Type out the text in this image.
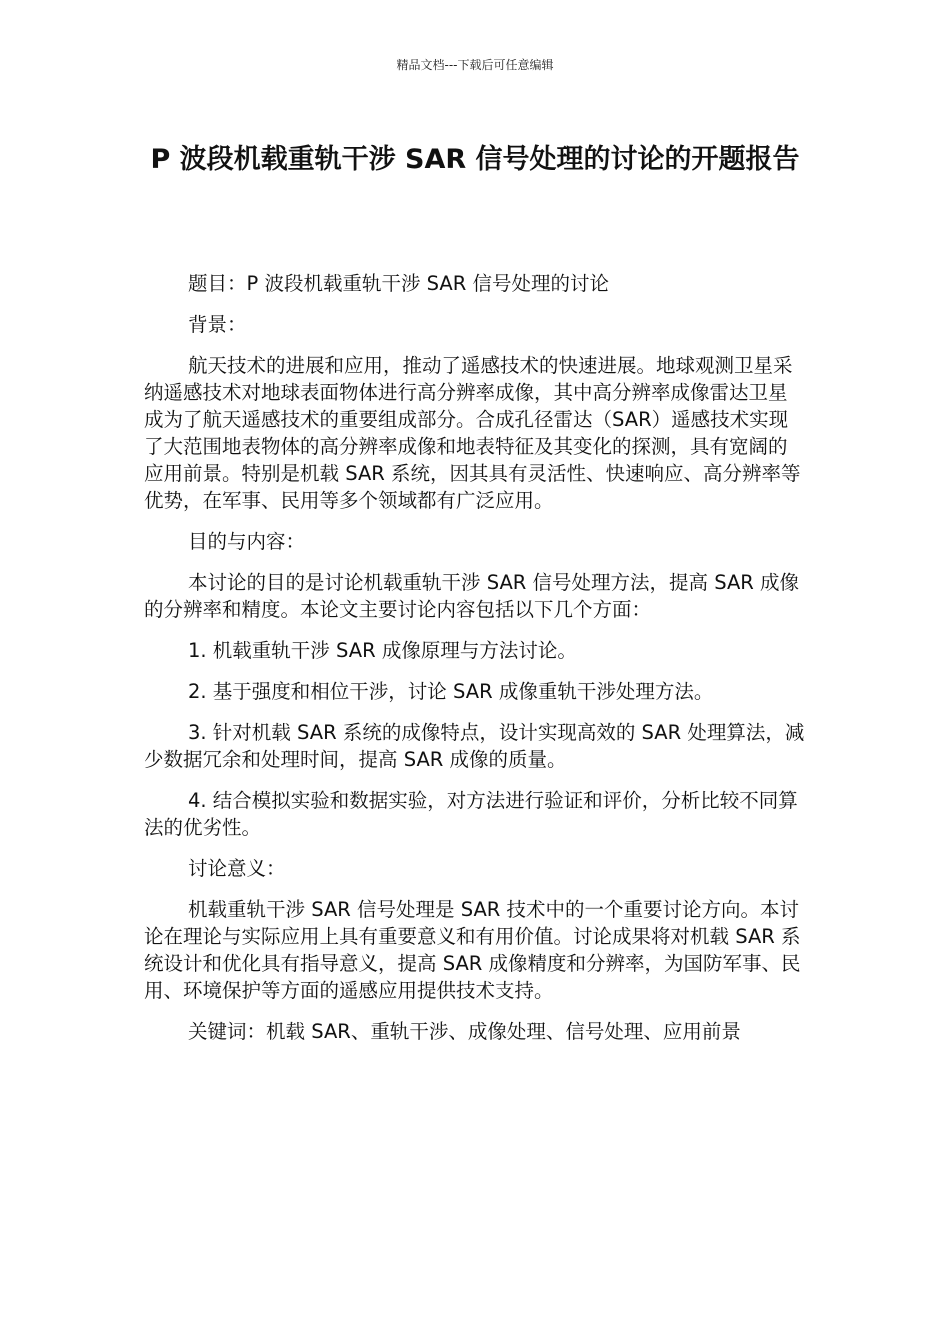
精品文档---下载后可任意编辑
P 波段机载重轨干涉 SAR 信号处理的讨论的开题报告

题目：P 波段机载重轨干涉 SAR 信号处理的讨论

背景：

航天技术的进展和应用，推动了遥感技术的快速进展。地球观测卫星采纳遥感技术对地球表面物体进行高分辨率成像，其中高分辨率成像雷达卫星成为了航天遥感技术的重要组成部分。合成孔径雷达（SAR）遥感技术实现了大范围地表物体的高分辨率成像和地表特征及其变化的探测，具有宽阔的应用前景。特别是机载 SAR 系统，因其具有灵活性、快速响应、高分辨率等优势，在军事、民用等多个领域都有广泛应用。

目的与内容：

本讨论的目的是讨论机载重轨干涉 SAR 信号处理方法，提高 SAR 成像的分辨率和精度。本论文主要讨论内容包括以下几个方面：

1. 机载重轨干涉 SAR 成像原理与方法讨论。

2. 基于强度和相位干涉，讨论 SAR 成像重轨干涉处理方法。

3. 针对机载 SAR 系统的成像特点，设计实现高效的 SAR 处理算法，减少数据冗余和处理时间，提高 SAR 成像的质量。

4. 结合模拟实验和数据实验，对方法进行验证和评价，分析比较不同算法的优劣性。

讨论意义：

机载重轨干涉 SAR 信号处理是 SAR 技术中的一个重要讨论方向。本讨论在理论与实际应用上具有重要意义和有用价值。讨论成果将对机载 SAR 系统设计和优化具有指导意义，提高 SAR 成像精度和分辨率，为国防军事、民用、环境保护等方面的遥感应用提供技术支持。

关键词：机载 SAR、重轨干涉、成像处理、信号处理、应用前景
